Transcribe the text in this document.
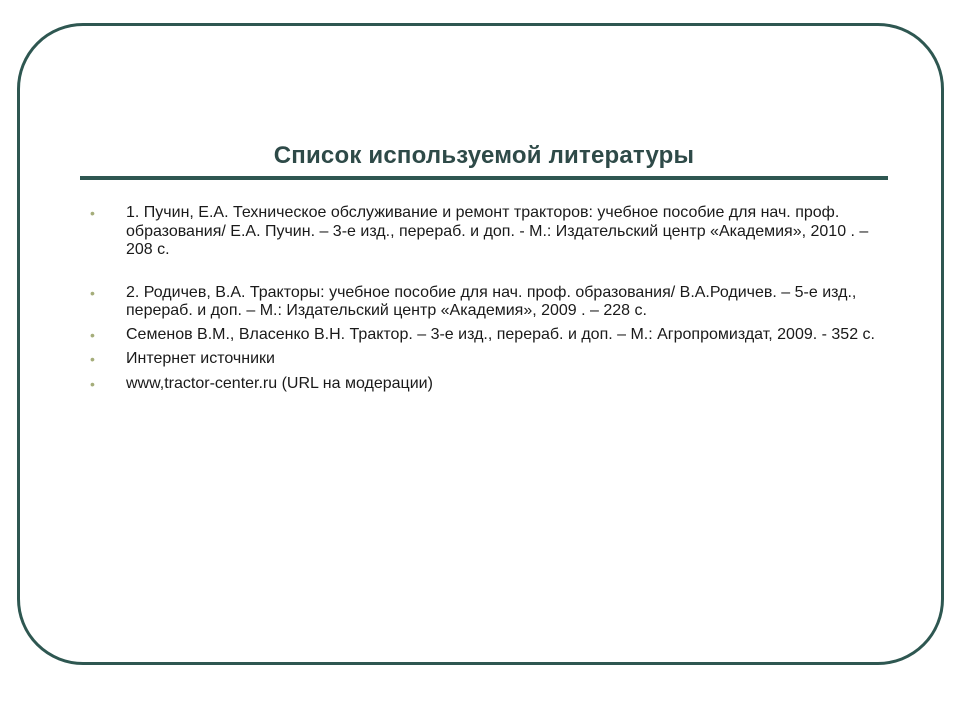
Список используемой литературы
• 1. Пучин, Е.А. Техническое обслуживание и ремонт тракторов: учебное пособие для нач. проф. образования/ Е.А. Пучин. – 3-е изд., перераб. и доп. - М.: Издательский центр «Академия», 2010 . – 208 с.
• 2. Родичев, В.А. Тракторы: учебное пособие для нач. проф. образования/ В.А.Родичев. – 5-е изд., перераб. и доп. – М.: Издательский центр «Академия», 2009 . – 228 с.
• Семенов В.М., Власенко В.Н. Трактор. – 3-е изд., перераб. и доп. – М.: Агропромиздат, 2009. - 352 с.
• Интернет источники
• www,tractor-center.ru (URL на модерации)
